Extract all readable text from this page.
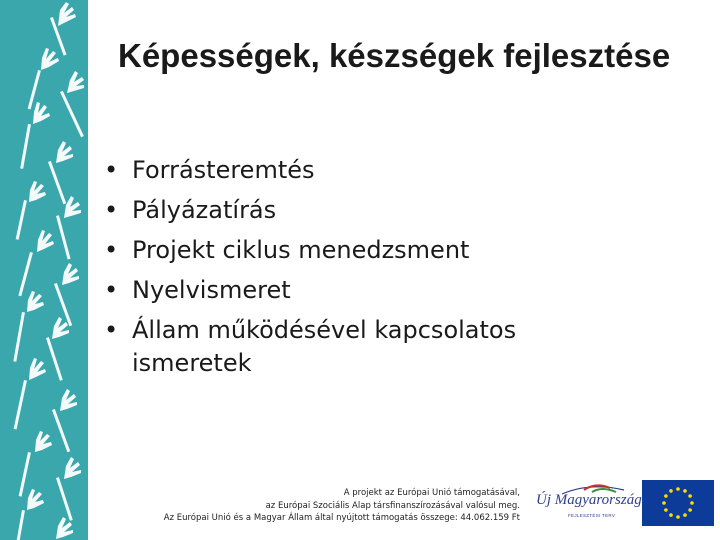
Képességek, készségek fejlesztése
• Forrásteremtés
• Pályázatírás
• Projekt ciklus menedzsment
• Nyelvismeret
• Állam működésével kapcsolatos ismeretek
A projekt az Európai Unió támogatásával,
az Európai Szociális Alap társfinanszírozásával valósul meg.
Az Európai Unió és a Magyar Állam által nyújtott támogatás összege: 44.062.159 Ft
Új Magyarország
FEJLESZTÉSI TERV
